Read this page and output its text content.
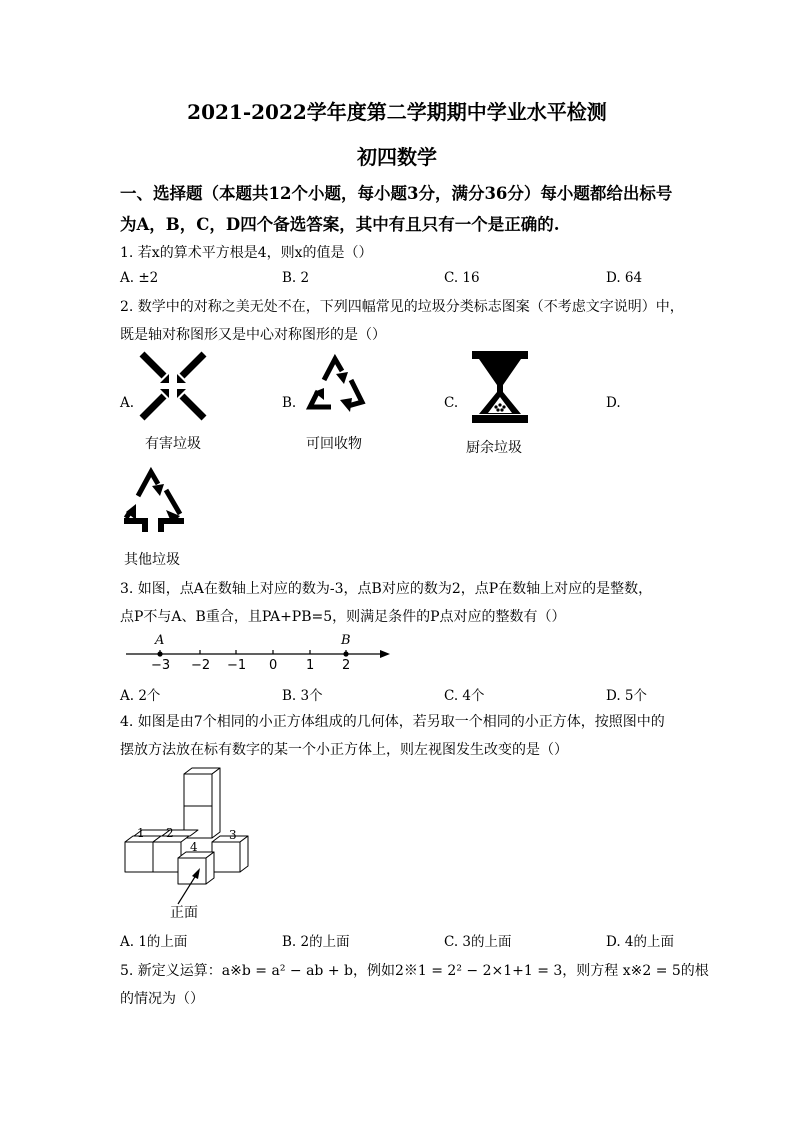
2021-2022学年度第二学期期中学业水平检测
初四数学
一、选择题（本题共12个小题，每小题3分，满分36分）每小题都给出标号
为A，B，C，D四个备选答案，其中有且只有一个是正确的.
1. 若x的算术平方根是4，则x的值是（）
A. ±2	B. 2	C. 16	D. 64
2. 数学中的对称之美无处不在，下列四幅常见的垃圾分类标志图案（不考虑文字说明）中，
既是轴对称图形又是中心对称图形的是（）
A.	B.	C.	D.
有害垃圾	可回收物	厨余垃圾
其他垃圾
3. 如图，点A在数轴上对应的数为-3，点B对应的数为2，点P在数轴上对应的是整数，
点P不与A、B重合，且PA+PB=5，则满足条件的P点对应的整数有（）
A	B
−3 −2 −1 0 1 2
A. 2个	B. 3个	C. 4个	D. 5个
4. 如图是由7个相同的小正方体组成的几何体，若另取一个相同的小正方体，按照图中的
摆放方法放在标有数字的某一个小正方体上，则左视图发生改变的是（）
1 2	3
4
正面
A. 1的上面	B. 2的上面	C. 3的上面	D. 4的上面
5. 新定义运算：a※b = a² − ab + b，例如2※1 = 2² − 2×1+1 = 3，则方程 x※2 = 5的根
的情况为（）
